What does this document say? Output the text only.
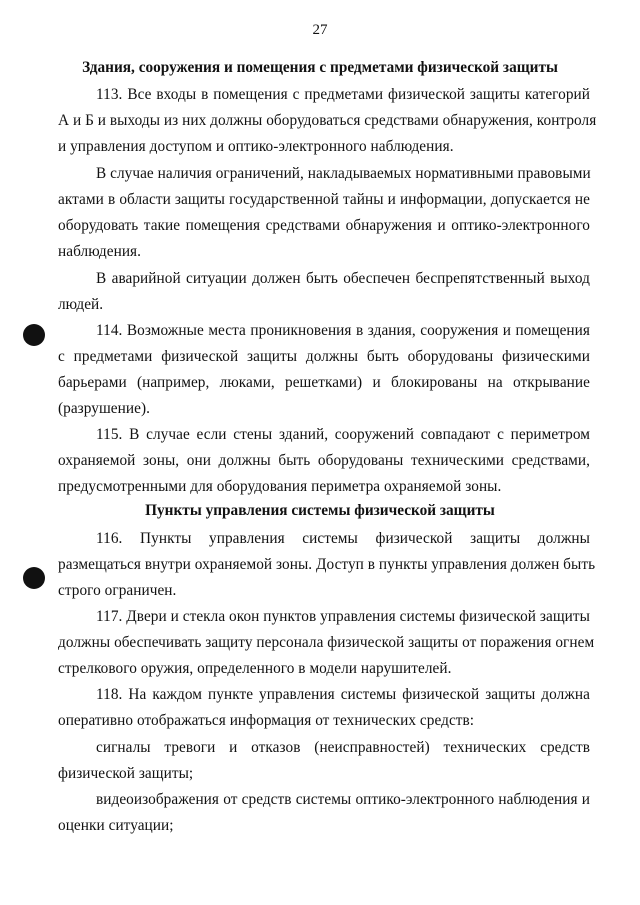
27
Здания, сооружения и помещения с предметами физической защиты
113. Все входы в помещения с предметами физической защиты категорий
А и Б и выходы из них должны оборудоваться средствами обнаружения, контроля
и управления доступом и оптико-электронного наблюдения.
В случае наличия ограничений, накладываемых нормативными правовыми
актами в области защиты государственной тайны и информации, допускается не
оборудовать такие помещения средствами обнаружения и оптико-электронного
наблюдения.
В аварийной ситуации должен быть обеспечен беспрепятственный выход
людей.
114. Возможные места проникновения в здания, сооружения и помещения
с предметами физической защиты должны быть оборудованы физическими
барьерами (например, люками, решетками) и блокированы на открывание
(разрушение).
115. В случае если стены зданий, сооружений совпадают с периметром
охраняемой зоны, они должны быть оборудованы техническими средствами,
предусмотренными для оборудования периметра охраняемой зоны.
Пункты управления системы физической защиты
116. Пункты управления системы физической защиты должны
размещаться внутри охраняемой зоны. Доступ в пункты управления должен быть
строго ограничен.
117. Двери и стекла окон пунктов управления системы физической защиты
должны обеспечивать защиту персонала физической защиты от поражения огнем
стрелкового оружия, определенного в модели нарушителей.
118. На каждом пункте управления системы физической защиты должна
оперативно отображаться информация от технических средств:
сигналы тревоги и отказов (неисправностей) технических средств
физической защиты;
видеоизображения от средств системы оптико-электронного наблюдения и
оценки ситуации;
